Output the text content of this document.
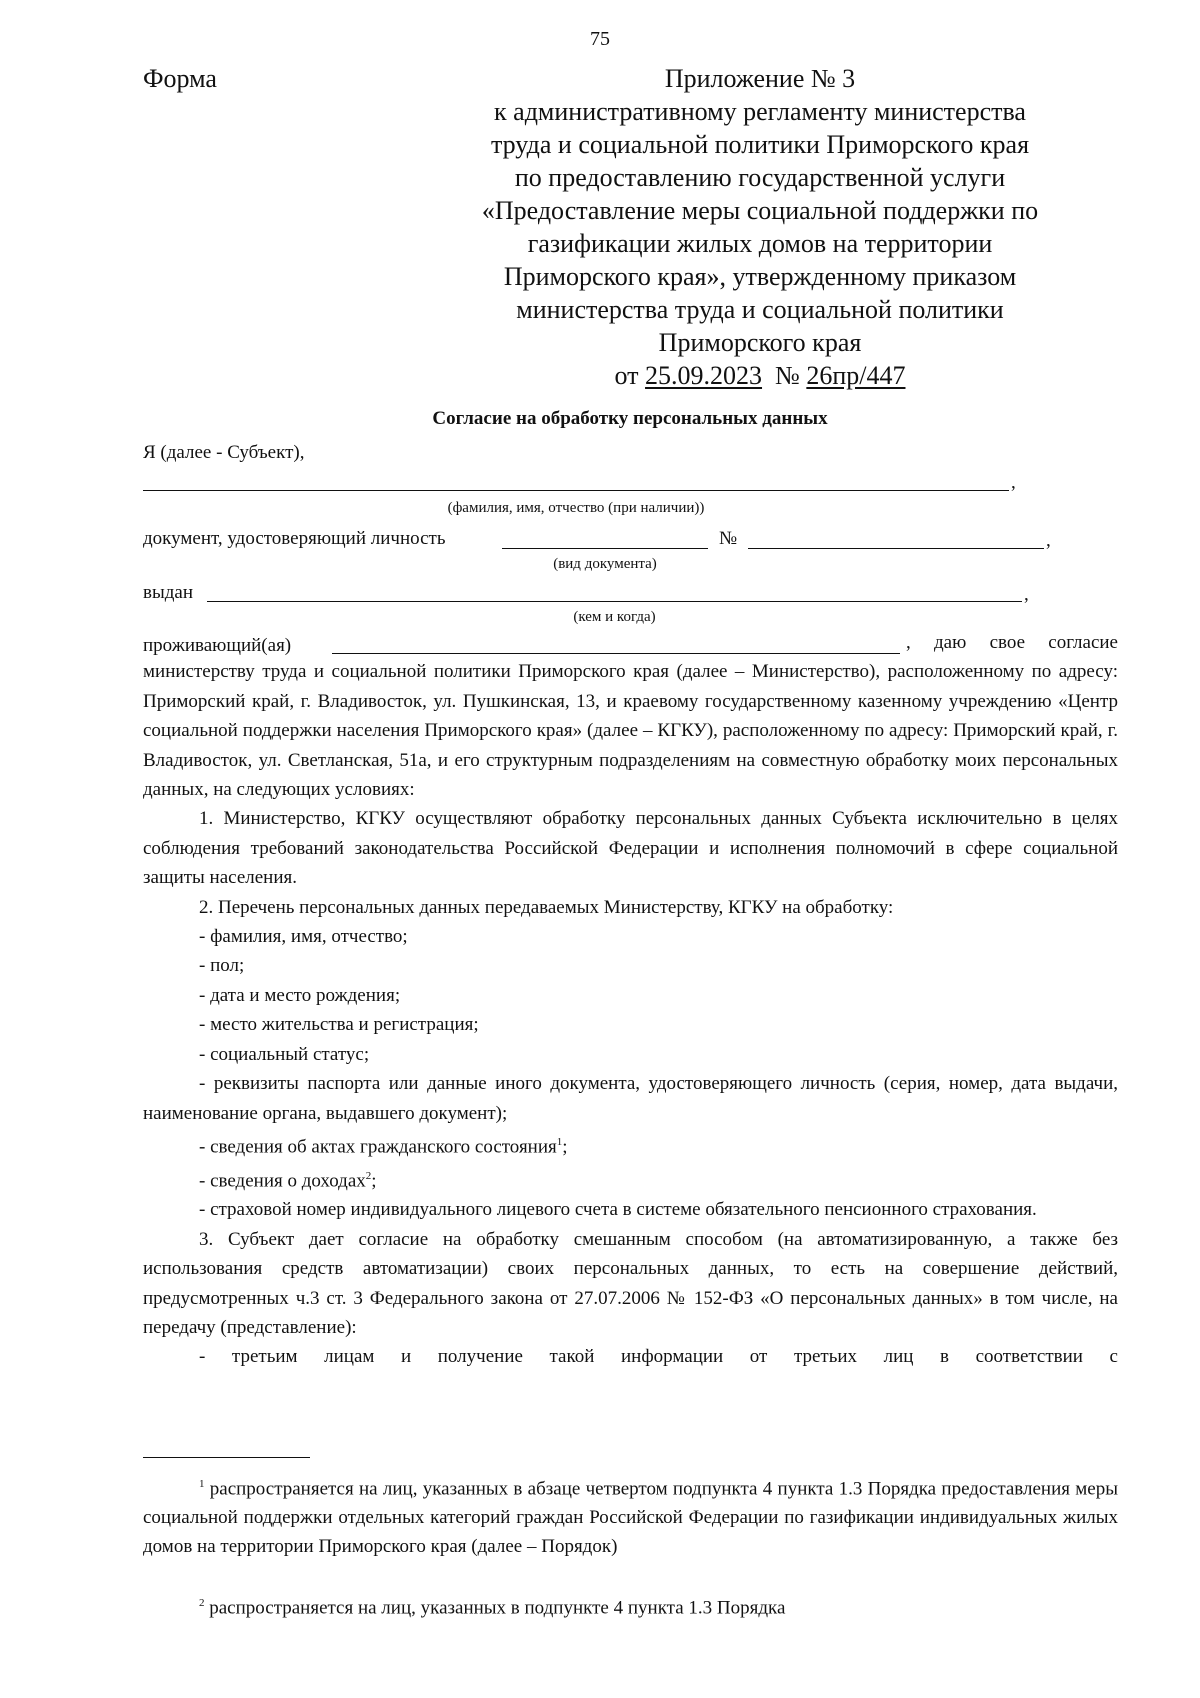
75
Форма	Приложение № 3
к административному регламенту министерства
труда и социальной политики Приморского края
по предоставлению государственной услуги
«Предоставление меры социальной поддержки по
газификации жилых домов на территории
Приморского края», утвержденному приказом
министерства труда и социальной политики
Приморского края
от 25.09.2023 № 26пр/447
Согласие на обработку персональных данных
Я (далее - Субъект),
,
(фамилия, имя, отчество (при наличии))
документ, удостоверяющий личность	№	,
(вид документа)
выдан	,
(кем и когда)
проживающий(ая)	, даю свое согласие министерству труда и социальной политики Приморского края (далее – Министерство), расположенному по адресу: Приморский край, г. Владивосток, ул. Пушкинская, 13, и краевому государственному казенному учреждению «Центр социальной поддержки населения Приморского края» (далее – КГКУ), расположенному по адресу: Приморский край, г. Владивосток, ул. Светланская, 51а, и его структурным подразделениям на совместную обработку моих персональных данных, на следующих условиях:

1. Министерство, КГКУ осуществляют обработку персональных данных Субъекта исключительно в целях соблюдения требований законодательства Российской Федерации и исполнения полномочий в сфере социальной защиты населения.

2. Перечень персональных данных передаваемых Министерству, КГКУ на обработку:

- фамилия, имя, отчество;

- пол;

- дата и место рождения;

- место жительства и регистрация;

- социальный статус;

- реквизиты паспорта или данные иного документа, удостоверяющего личность (серия, номер, дата выдачи, наименование органа, выдавшего документ);

- сведения об актах гражданского состояния$^1$;

- сведения о доходах$^2$;

- страховой номер индивидуального лицевого счета в системе обязательного пенсионного страхования.

3. Субъект дает согласие на обработку смешанным способом (на автоматизированную, а также без использования средств автоматизации) своих персональных данных, то есть на совершение действий, предусмотренных ч.3 ст. 3 Федерального закона от 27.07.2006 № 152-ФЗ «О персональных данных» в том числе, на передачу (представление):

- третьим лицам и получение такой информации от третьих лиц в соответствии с

$^1$ распространяется на лиц, указанных в абзаце четвертом подпункта 4 пункта 1.3 Порядка предоставления меры социальной поддержки отдельных категорий граждан Российской Федерации по газификации индивидуальных жилых домов на территории Приморского края (далее – Порядок)

$^2$ распространяется на лиц, указанных в подпункте 4 пункта 1.3 Порядка
